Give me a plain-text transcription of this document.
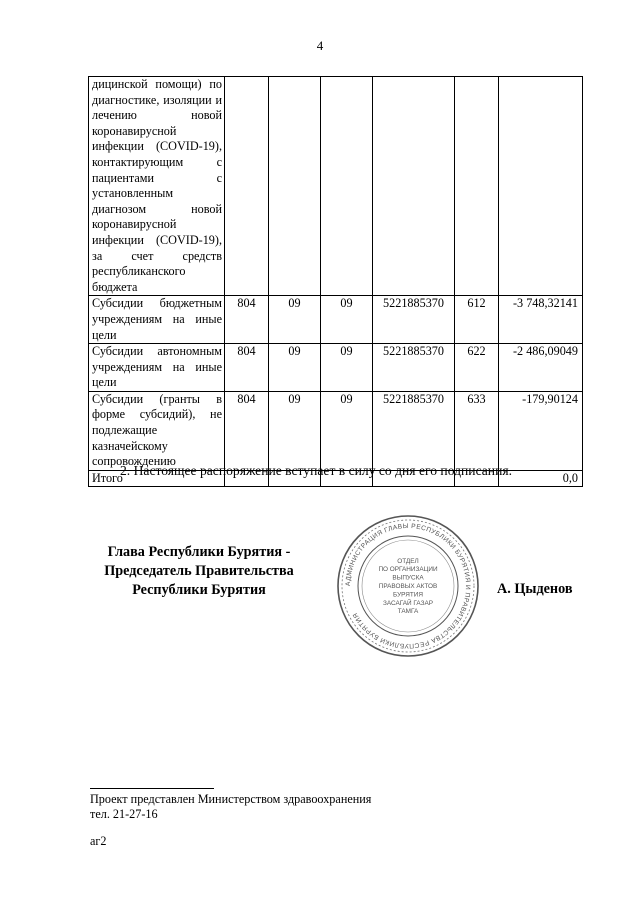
4
дицинской помощи) по диагностике, изоляции и лечению новой коронавирусной инфекции (COVID-19), контактирующим с пациентами с установленным диагнозом новой коронавирусной инфекции (COVID-19), за счет средств республиканского бюджета						
Субсидии бюджетным учреждениям на иные цели	804	09	09	5221885370	612	-3 748,32141
Субсидии автономным учреждениям на иные цели	804	09	09	5221885370	622	-2 486,09049
Субсидии (гранты в форме субсидий), не подлежащие казначейскому сопровождению	804	09	09	5221885370	633	-179,90124
Итого						0,0
2. Настоящее распоряжение вступает в силу со дня его подписания.
Глава Республики Бурятия -
Председатель Правительства
Республики Бурятия	АДМИНИСТРАЦИЯ ГЛАВЫ РЕСПУБЛИКИ БУРЯТИЯ И ПРАВИТЕЛЬСТВА РЕСПУБЛИКИ БУРЯТИЯ
ОТДЕЛ
ПО ОРГАНИЗАЦИИ
ВЫПУСКА
ПРАВОВЫХ АКТОВ
БУРЯТИЯ
ЗАСАГАЙ ГАЗАР
ТАМГА
А. Цыденов
Проект представлен Министерством здравоохранения
тел. 21-27-16
аг2
